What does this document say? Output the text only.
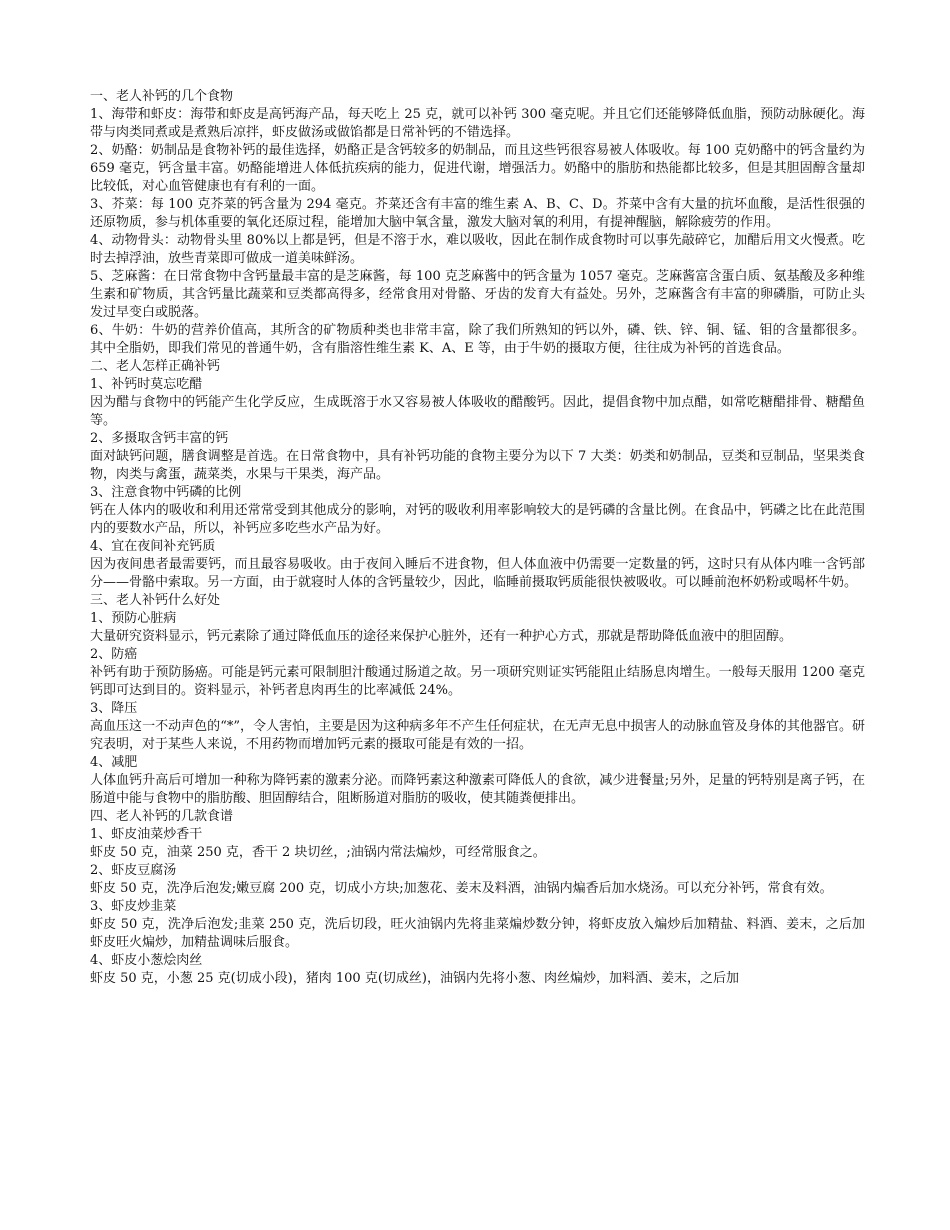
一、老人补钙的几个食物

1、海带和虾皮：海带和虾皮是高钙海产品，每天吃上 25 克，就可以补钙 300 毫克呢。并且它们还能够降低血脂，预防动脉硬化。海带与肉类同煮或是煮熟后凉拌，虾皮做汤或做馅都是日常补钙的不错选择。

2、奶酪：奶制品是食物补钙的最佳选择，奶酪正是含钙较多的奶制品，而且这些钙很容易被人体吸收。每 100 克奶酪中的钙含量约为 659 毫克，钙含量丰富。奶酪能增进人体低抗疾病的能力，促进代谢，增强活力。奶酪中的脂肪和热能都比较多，但是其胆固醇含量却比较低，对心血管健康也有有利的一面。

3、芥菜：每 100 克芥菜的钙含量为 294 毫克。芥菜还含有丰富的维生素 A、B、C、D。芥菜中含有大量的抗坏血酸，是活性很强的还原物质，参与机体重要的氧化还原过程，能增加大脑中氧含量，激发大脑对氧的利用，有提神醒脑，解除疲劳的作用。

4、动物骨头：动物骨头里 80%以上都是钙，但是不溶于水，难以吸收，因此在制作成食物时可以事先敲碎它，加醋后用文火慢煮。吃时去掉浮油，放些青菜即可做成一道美味鲜汤。

5、芝麻酱：在日常食物中含钙量最丰富的是芝麻酱，每 100 克芝麻酱中的钙含量为 1057 毫克。芝麻酱富含蛋白质、氨基酸及多种维生素和矿物质，其含钙量比蔬菜和豆类都高得多，经常食用对骨骼、牙齿的发育大有益处。另外，芝麻酱含有丰富的卵磷脂，可防止头发过早变白或脱落。

6、牛奶：牛奶的营养价值高，其所含的矿物质种类也非常丰富，除了我们所熟知的钙以外，磷、铁、锌、铜、锰、钼的含量都很多。其中全脂奶，即我们常见的普通牛奶，含有脂溶性维生素 K、A、E 等，由于牛奶的摄取方便，往往成为补钙的首选食品。

二、老人怎样正确补钙

1、补钙时莫忘吃醋

因为醋与食物中的钙能产生化学反应，生成既溶于水又容易被人体吸收的醋酸钙。因此，提倡食物中加点醋，如常吃糖醋排骨、糖醋鱼等。

2、多摄取含钙丰富的钙

面对缺钙问题，膳食调整是首选。在日常食物中，具有补钙功能的食物主要分为以下 7 大类：奶类和奶制品，豆类和豆制品，坚果类食物，肉类与禽蛋，蔬菜类，水果与干果类，海产品。

3、注意食物中钙磷的比例

钙在人体内的吸收和利用还常常受到其他成分的影响，对钙的吸收利用率影响较大的是钙磷的含量比例。在食品中，钙磷之比在此范围内的要数水产品，所以，补钙应多吃些水产品为好。

4、宜在夜间补充钙质

因为夜间患者最需要钙，而且最容易吸收。由于夜间入睡后不进食物，但人体血液中仍需要一定数量的钙，这时只有从体内唯一含钙部分——骨骼中索取。另一方面，由于就寝时人体的含钙量较少，因此，临睡前摄取钙质能很快被吸收。可以睡前泡杯奶粉或喝杯牛奶。

三、老人补钙什么好处

1、预防心脏病

大量研究资料显示，钙元素除了通过降低血压的途径来保护心脏外，还有一种护心方式，那就是帮助降低血液中的胆固醇。

2、防癌

补钙有助于预防肠癌。可能是钙元素可限制胆汁酸通过肠道之故。另一项研究则证实钙能阻止结肠息肉增生。一般每天服用 1200 毫克钙即可达到目的。资料显示，补钙者息肉再生的比率减低 24%。

3、降压

高血压这一不动声色的“*”，令人害怕，主要是因为这种病多年不产生任何症状，在无声无息中损害人的动脉血管及身体的其他器官。研究表明，对于某些人来说，不用药物而增加钙元素的摄取可能是有效的一招。

4、减肥

人体血钙升高后可增加一种称为降钙素的激素分泌。而降钙素这种激素可降低人的食欲，减少进餐量;另外，足量的钙特别是离子钙，在肠道中能与食物中的脂肪酸、胆固醇结合，阻断肠道对脂肪的吸收，使其随粪便排出。

四、老人补钙的几款食谱

1、虾皮油菜炒香干

虾皮 50 克，油菜 250 克，香干 2 块切丝，;油锅内常法煸炒，可经常服食之。

2、虾皮豆腐汤

虾皮 50 克，洗净后泡发;嫩豆腐 200 克，切成小方块;加葱花、姜末及料酒，油锅内煸香后加水烧汤。可以充分补钙，常食有效。

3、虾皮炒韭菜

虾皮 50 克，洗净后泡发;韭菜 250 克，洗后切段，旺火油锅内先将韭菜煸炒数分钟，将虾皮放入煸炒后加精盐、料酒、姜末，之后加虾皮旺火煸炒，加精盐调味后服食。

4、虾皮小葱烩肉丝

虾皮 50 克，小葱 25 克(切成小段)，猪肉 100 克(切成丝)，油锅内先将小葱、肉丝煸炒，加料酒、姜末，之后加
